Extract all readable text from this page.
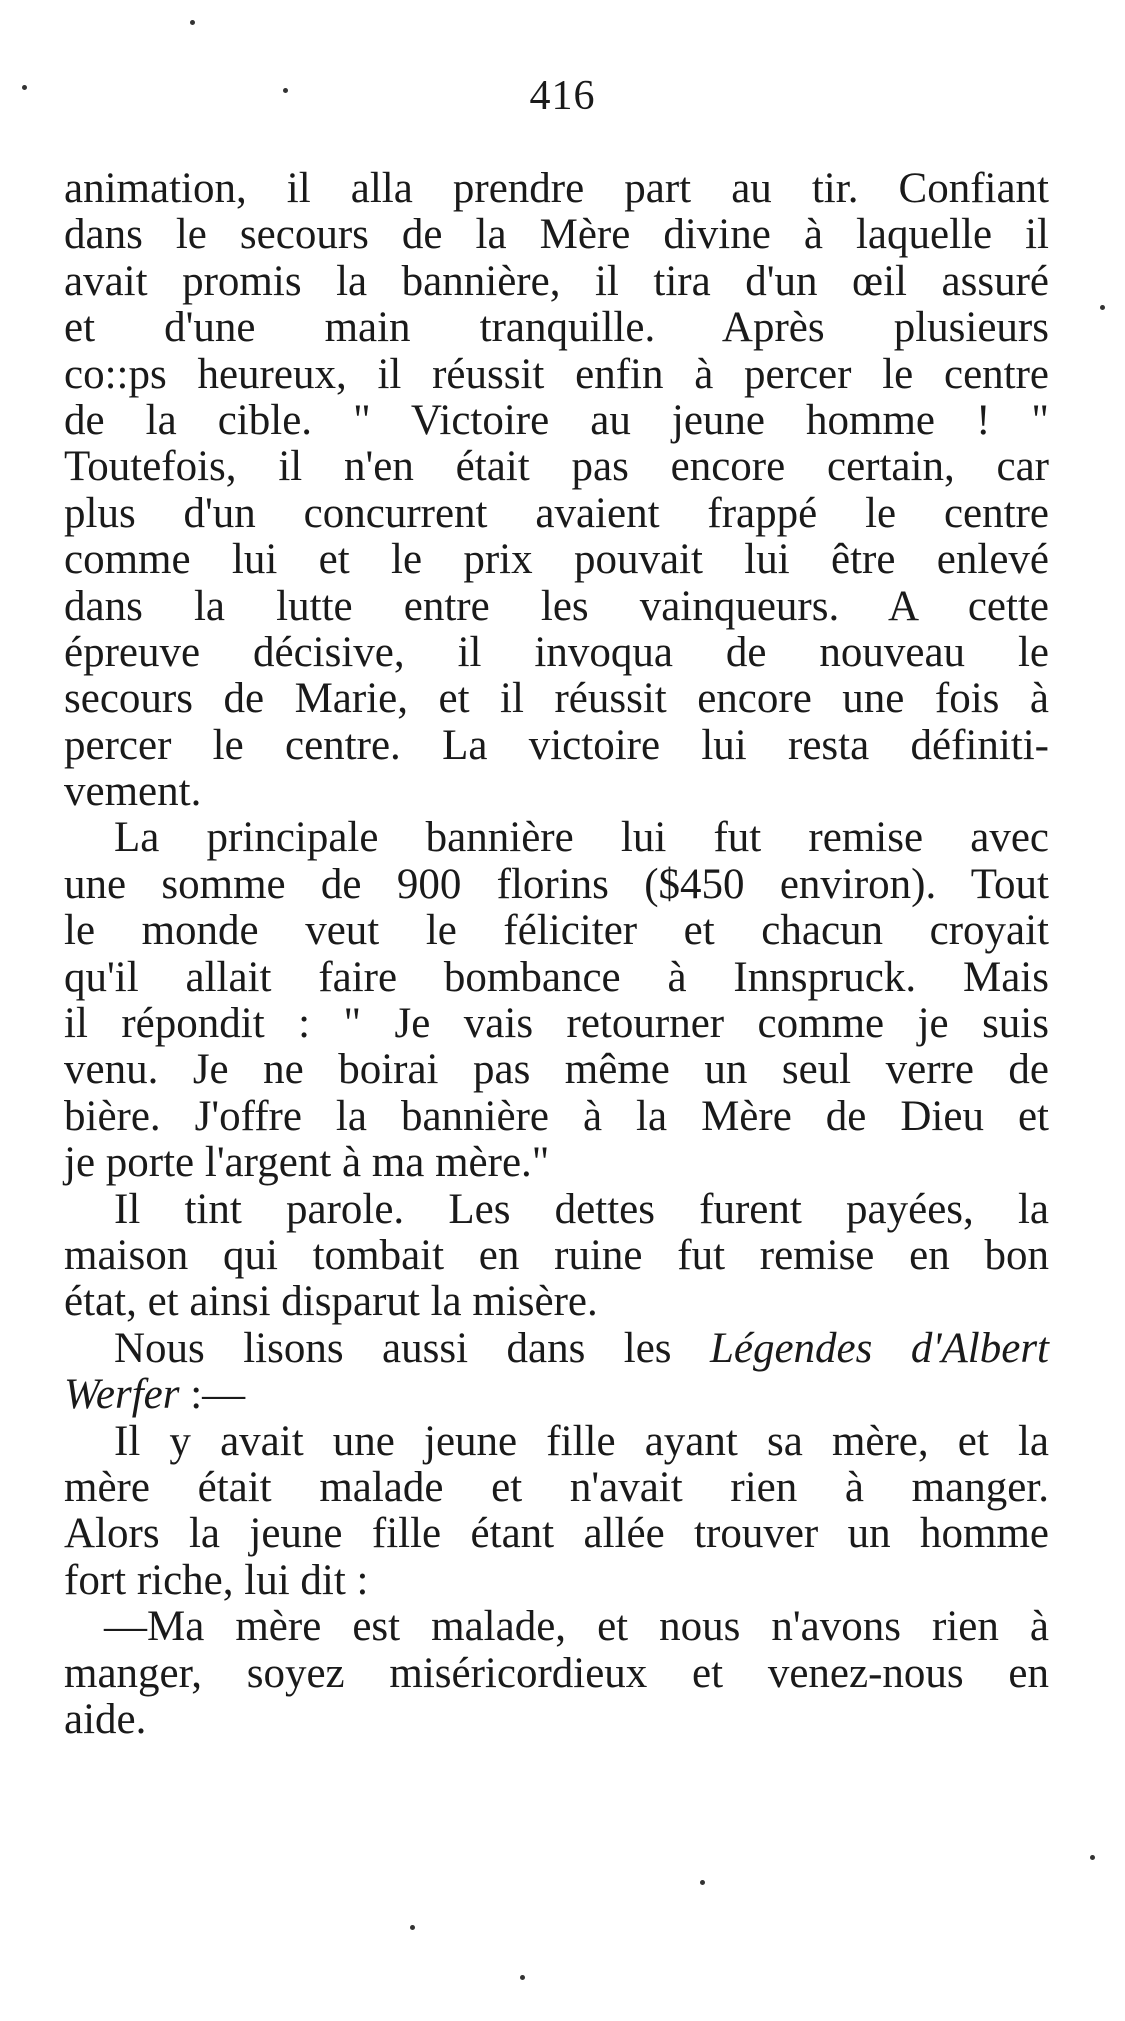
416
animation, il alla prendre part au tir. Confiant
dans le secours de la Mère divine à laquelle il
avait promis la bannière, il tira d'un œil assuré
et d'une main tranquille. Après plusieurs
co::ps heureux, il réussit enfin à percer le centre
de la cible. " Victoire au jeune homme ! "
Toutefois, il n'en était pas encore certain, car
plus d'un concurrent avaient frappé le centre
comme lui et le prix pouvait lui être enlevé
dans la lutte entre les vainqueurs. A cette
épreuve décisive, il invoqua de nouveau le
secours de Marie, et il réussit encore une fois à
percer le centre. La victoire lui resta définiti-
vement.
La principale bannière lui fut remise avec
une somme de 900 florins ($450 environ). Tout
le monde veut le féliciter et chacun croyait
qu'il allait faire bombance à Innspruck. Mais
il répondit : " Je vais retourner comme je suis
venu. Je ne boirai pas même un seul verre de
bière. J'offre la bannière à la Mère de Dieu et
je porte l'argent à ma mère."
Il tint parole. Les dettes furent payées, la
maison qui tombait en ruine fut remise en bon
état, et ainsi disparut la misère.
Nous lisons aussi dans les Légendes d'Albert
Werfer :—
Il y avait une jeune fille ayant sa mère, et la
mère était malade et n'avait rien à manger.
Alors la jeune fille étant allée trouver un homme
fort riche, lui dit :
—Ma mère est malade, et nous n'avons rien à
manger, soyez miséricordieux et venez-nous en
aide.
